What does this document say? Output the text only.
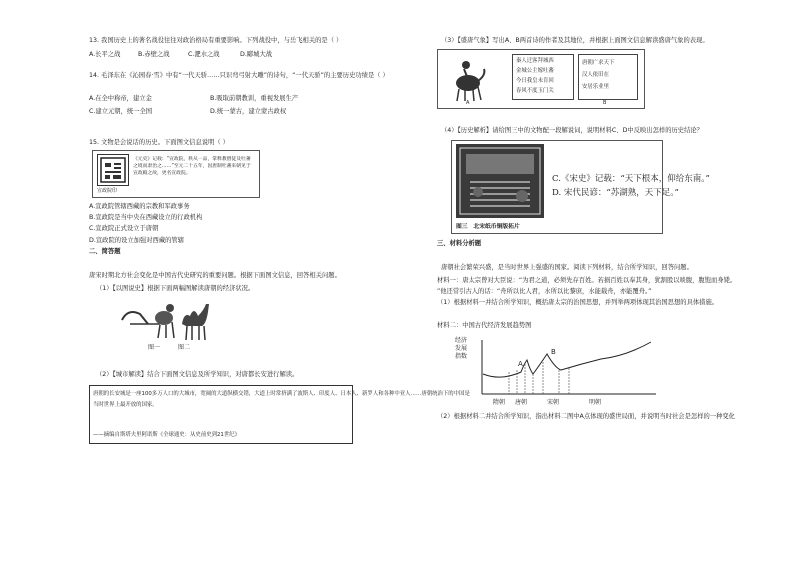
13. 我国历史上的著名战役往往对政治格局有重要影响。下列战役中，与岳飞相关的是（ ）
A.长平之战	B.赤壁之战	C.淝水之战	D.郾城大战
14. 毛泽东在《沁园春·雪》中有“一代天骄……只识弯弓射大雕”的诗句，“一代天骄”的主要历史功绩是（ ）
A.在全中称帝，建立金	B.吸取前朝教训，重视发展生产
C.建立元朝，统一全国	D.统一蒙古，建立蒙古政权
15. 文物是会说话的历史。下面图文信息说明（ ）
宣政院印
《元史》记载：“宣政院，秩从一品，掌释教僧徒及吐蕃之境而隶治之……”至元二十五年，因唐制吐蕃来朝见于宣政殿之故，更名宣政院。
A.宣政院管辖西藏的宗教和军政事务
B.宣政院是当中央在西藏设立的行政机构
C.宣政院正式设立于唐朝
D.宣政院的设立加强对西藏的管辖
二、简答题
唐宋时期北方社会变化是中国古代史研究的重要问题。根据下面图文信息，回答相关问题。
（1）【以图说史】根据下面两幅图解读唐朝的经济状况。
图一	图二
（2）【城市解读】结合下面图文信息及所学知识，对唐都长安进行解读。
唐朝的长安城是一座100多万人口的大城市，宽阔的大道纵横交错，大道上时常挤满了波斯人、印度人、日本人、新罗人和各种中亚人……唐朝统治下的中国是
当时世界上最开放的国家。
——摘编自斯塔夫里阿诺斯《全球通史：从史前史到21世纪》
（3）【盛唐气象】写出A、B两首诗的作者及其地位，并根据上面图文信息解读盛唐气象的表现。
A
秦人迁客拜城西
金城公主嫁吐蕃
今日我皇未肯回
春风不度玉门关
唐朝广求天下
汉人依旧在
安居乐业里
B
（4）【历史解析】请给图三中的文物配一段解说词，说明材料C、D中反映出怎样的历史结论？
图三　北宋纸币铜版拓片
C.《宋史》记载：“天下根本，仰给东南。”
D. 宋代民谚：“苏湖熟，天下足。”
三、材料分析题
唐朝社会繁荣兴盛，是当时世界上强盛的国家。阅读下列材料，结合所学知识，回答问题。
材料一：唐太宗曾对大臣说：“为君之道，必须先存百姓。若损百姓以奉其身，犹割股以啖腹，腹饱而身毙。
”他还常引古人的话：“舟所以比人君，水所以比黎庶，水能载舟，亦能覆舟。”
（1）根据材料一并结合所学知识，概括唐太宗的治国思想，并列举两项体现其治国思想的具体措施。
材料二：中国古代经济发展趋势图
经济
发展
指数
A
B
隋朝 唐朝	宋朝	明朝
（2）根据材料二并结合所学知识，指出材料二图中A点体现的盛世局面，并说明当时社会是怎样的一种变化
